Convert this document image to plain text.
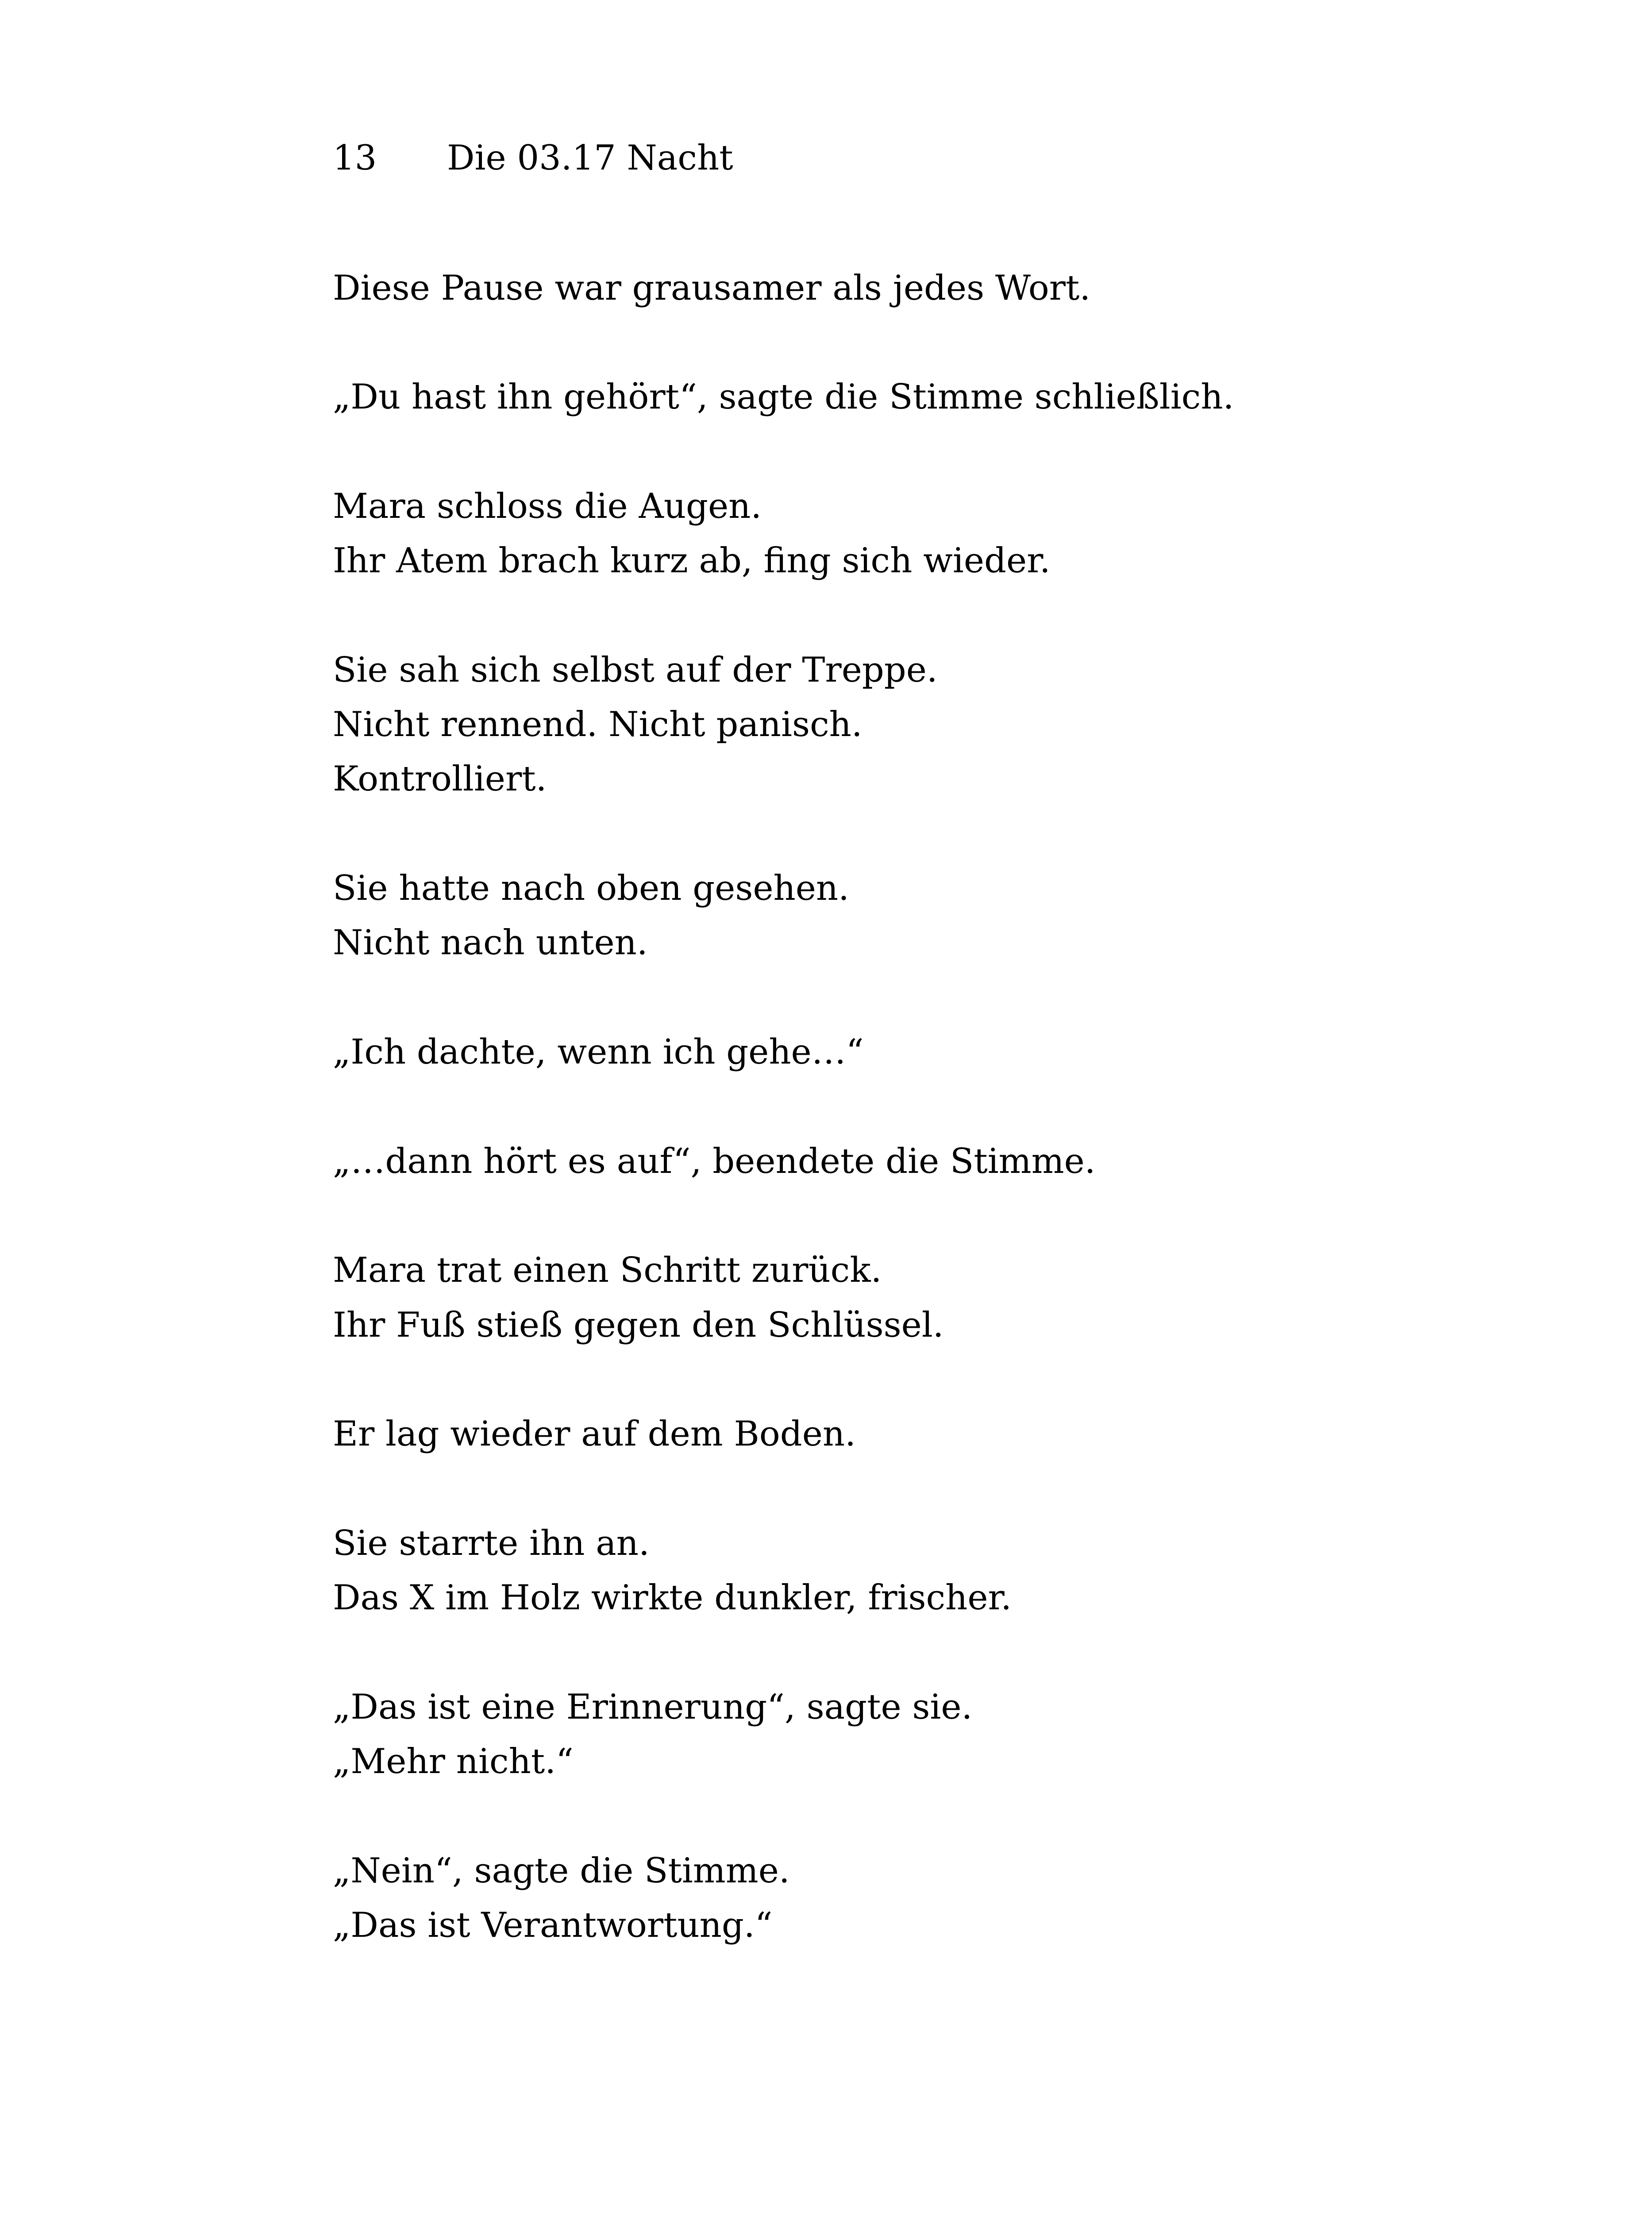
13 Die 03.17 Nacht
Diese Pause war grausamer als jedes Wort.
„Du hast ihn gehört“, sagte die Stimme schließlich.
Mara schloss die Augen.
Ihr Atem brach kurz ab, fing sich wieder.
Sie sah sich selbst auf der Treppe.
Nicht rennend. Nicht panisch.
Kontrolliert.
Sie hatte nach oben gesehen.
Nicht nach unten.
„Ich dachte, wenn ich gehe…“
„…dann hört es auf“, beendete die Stimme.
Mara trat einen Schritt zurück.
Ihr Fuß stieß gegen den Schlüssel.
Er lag wieder auf dem Boden.
Sie starrte ihn an.
Das X im Holz wirkte dunkler, frischer.
„Das ist eine Erinnerung“, sagte sie.
„Mehr nicht.“
„Nein“, sagte die Stimme.
„Das ist Verantwortung.“
